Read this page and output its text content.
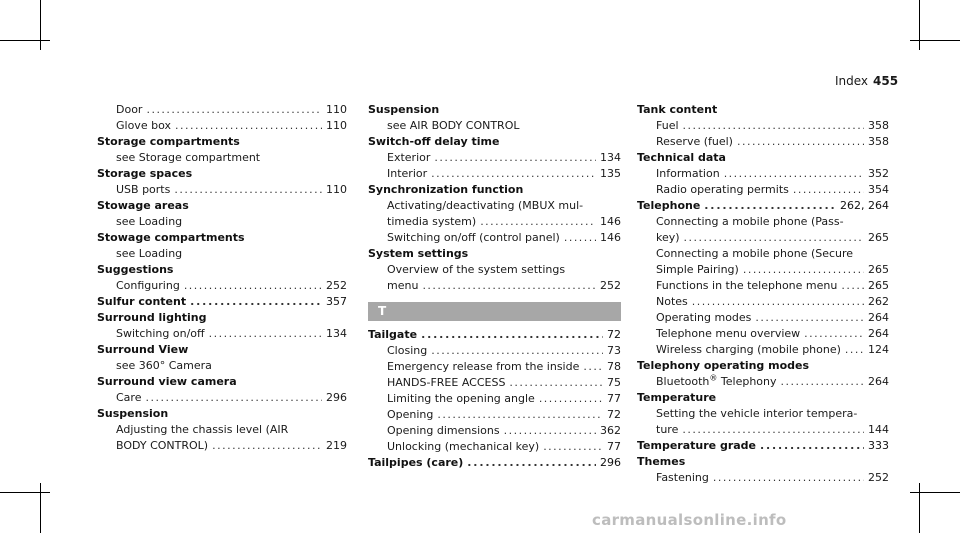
Index 455
Door . . .	110
Glove box . . .	110
Storage compartments
see Storage compartment
Storage spaces
USB ports . . .	110
Stowage areas
see Loading
Stowage compartments
see Loading
Suggestions
Configuring . . .	252
Sulfur content . . .	357
Surround lighting
Switching on/off . . .	134
Surround View
see 360° Camera
Surround view camera
Care . . .	296
Suspension
Adjusting the chassis level (AIR
BODY CONTROL) . . .	219
Suspension
see AIR BODY CONTROL
Switch-off delay time
Exterior . . .	134
Interior . . .	135
Synchronization function
Activating/deactivating (MBUX mul-
timedia system) . . .	146
Switching on/off (control panel) . . .	146
System settings
Overview of the system settings
menu . . .	252
T
Tailgate . . .	72
Closing . . .	73
Emergency release from the inside . . .	78
HANDS-FREE ACCESS . . .	75
Limiting the opening angle . . .	77
Opening . . .	72
Opening dimensions . . .	362
Unlocking (mechanical key) . . .	77
Tailpipes (care) . . .	296
Tank content
Fuel . . .	358
Reserve (fuel) . . .	358
Technical data
Information . . .	352
Radio operating permits . . .	354
Telephone . . .	262, 264
Connecting a mobile phone (Pass-
key) . . .	265
Connecting a mobile phone (Secure
Simple Pairing) . . .	265
Functions in the telephone menu . . .	265
Notes . . .	262
Operating modes . . .	264
Telephone menu overview . . .	264
Wireless charging (mobile phone) . . . 124
Telephony operating modes
Bluetooth® Telephony . . .	264
Temperature
Setting the vehicle interior tempera-
ture . . .	144
Temperature grade . . .	333
Themes
Fastening . . .	252
carmanualsonline.info
